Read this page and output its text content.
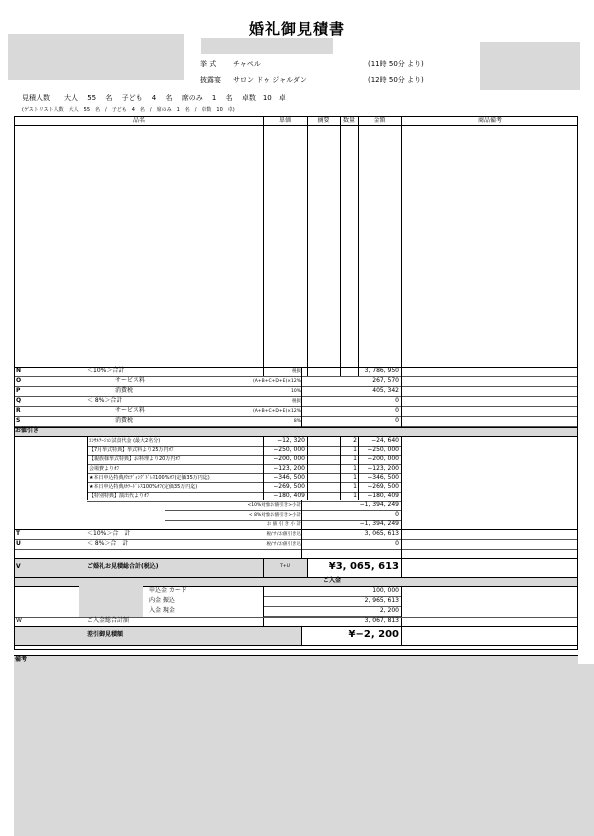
婚礼御見積書
挙 式 チャペル	(11時 50分 より)
披露宴 サロン ドゥ ジャルダン	(12時 50分 より)
見積人数　　大人　 55　 名　 子ども　 4　 名　 席のみ　 1　 名　 卓数　10　卓
(ゲストリスト人数　大人　55　名　/　子ども　4　名　/　席のみ　1　名　/　卓数　10　卓)
品名	単価	摘要	数量	金額	商品備考
N	＜10%＞合計	税抜	3, 786, 950
O	サービス料	(A+B+C+D+E)×12%	267, 570
P	消費税	10%	405, 342
Q	＜ 8%＞合計	税抜	0
R	サービス料	(A+B+C+D+E)×12%	0
S	消費税	8%	0
お値引き
ｺﾝｻﾙﾃｰｼｮﾝ試食代金 (最大2名分)	−12, 320	2	−24, 640
【7月挙式特典】挙式料より25万円ｵﾌ	−250, 000	1	−250, 000
【親族様挙式特典】お料理より20万円ｵﾌ	−200, 000	1	−200, 000
会場費よりｵﾌ	−123, 200	1	−123, 200
★本日申込特典/ｳｴﾃﾞｨﾝｸﾞﾄﾞﾚｽ100%ｵﾌ(定価35万円迄)	−346, 500	1	−346, 500
★本日申込特典/ｶﾗｰﾄﾞﾚｽ100%ｵﾌ(定価35万円迄)	−269, 500	1	−269, 500
【特別特典】演出代よりｵﾌ	−180, 409	1	−180, 409
<10%対象お値引き>小計	−1, 394, 249
< 8%対象お値引き>小計	0
お 値 引 き 小 計	−1, 394, 249
T	＜10%＞合　計	税/サ/お値引き込	3, 065, 613
U	＜ 8%＞合　計	税/サ/お値引き込	0
V	ご婚礼お見積総合計(税込)	T+U	¥3, 065, 613
ご入金
申込金 カード	100, 000
内金 振込	2, 965, 613
入金 現金	2, 200
W	ご入金総合計額	3, 067, 813
差引御見積額	¥−2, 200
備考
